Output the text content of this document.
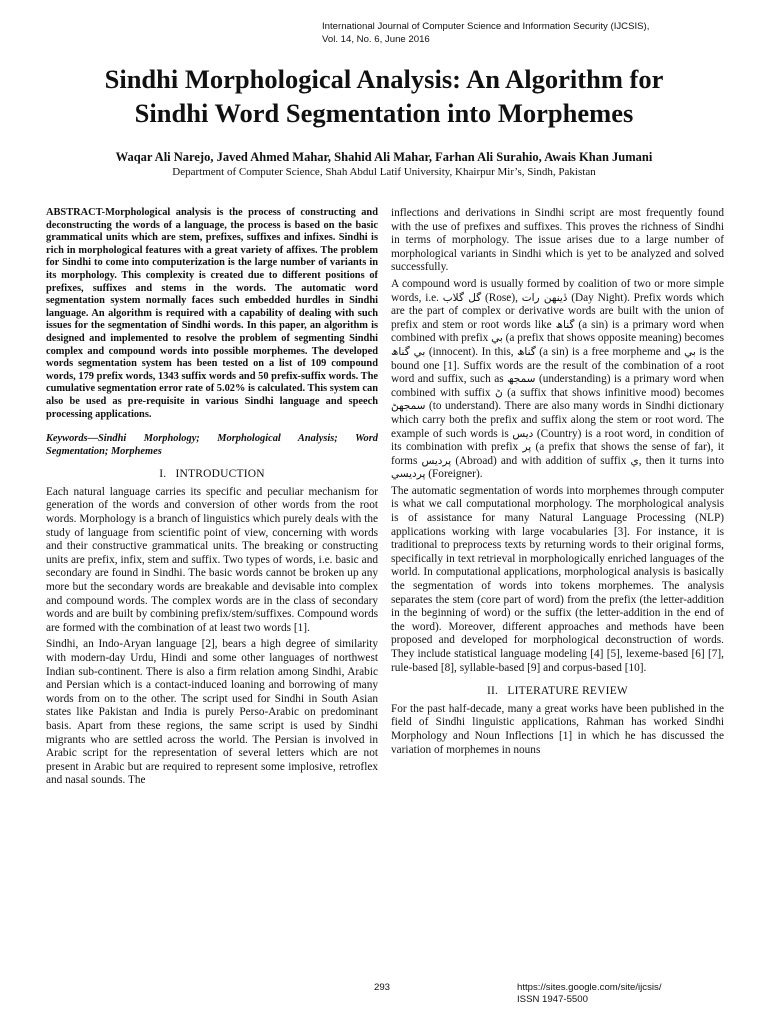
International Journal of Computer Science and Information Security (IJCSIS),
Vol. 14, No. 6, June 2016
Sindhi Morphological Analysis: An Algorithm for
Sindhi Word Segmentation into Morphemes
Waqar Ali Narejo, Javed Ahmed Mahar, Shahid Ali Mahar, Farhan Ali Surahio, Awais Khan Jumani
Department of Computer Science, Shah Abdul Latif University, Khairpur Mir’s, Sindh, Pakistan

ABSTRACT-Morphological analysis is the process of constructing and deconstructing the words of a language, the process is based on the basic grammatical units which are stem, prefixes, suffixes and infixes. Sindhi is rich in morphological features with a great variety of affixes. The problem for Sindhi to come into computerization is the large number of variants in its morphology. This complexity is created due to different positions of prefixes, suffixes and stems in the words. The automatic word segmentation system normally faces such embedded hurdles in Sindhi language. An algorithm is required with a capability of dealing with such issues for the segmentation of Sindhi words. In this paper, an algorithm is designed and implemented to resolve the problem of segmenting Sindhi complex and compound words into possible morphemes. The developed words segmentation system has been tested on a list of 109 compound words, 179 prefix words, 1343 suffix words and 50 prefix-suffix words. The cumulative segmentation error rate of 5.02% is calculated. This system can also be used as pre-requisite in various Sindhi language and speech processing applications.

Keywords—Sindhi Morphology; Morphological Analysis; Word Segmentation; Morphemes

I.   INTRODUCTION

Each natural language carries its specific and peculiar mechanism for generation of the words and conversion of other words from the root words. Morphology is a branch of linguistics which purely deals with the study of language from scientific point of view, concerning with words and their constructive grammatical units. The breaking or constructing units are prefix, infix, stem and suffix. Two types of words, i.e. basic and secondary are found in Sindhi. The basic words cannot be broken up any more but the secondary words are breakable and devisable into complex and compound words. The complex words are in the class of secondary words and are built by combining prefix/stem/suffixes. Compound words are formed with the combination of at least two words [1].

Sindhi, an Indo-Aryan language [2], bears a high degree of similarity with modern-day Urdu, Hindi and some other languages of northwest Indian sub-continent. There is also a firm relation among Sindhi, Arabic and Persian which is a contact-induced loaning and borrowing of many words from on to the other. The script used for Sindhi in South Asian states like Pakistan and India is purely Perso-Arabic on predominant basis. Apart from these regions, the same script is used by Sindhi migrants who are settled across the world. The Persian is involved in Arabic script for the representation of several letters which are not present in Arabic but are required to represent some implosive, retroflex and nasal sounds. The

inflections and derivations in Sindhi script are most frequently found with the use of prefixes and suffixes. This proves the richness of Sindhi in terms of morphology. The issue arises due to a large number of morphological variants in Sindhi which is yet to be analyzed and solved successfully.

A compound word is usually formed by coalition of two or more simple words, i.e. گل گلاب (Rose), ڏينهن رات (Day Night). Prefix words which are the part of complex or derivative words are built with the union of prefix and stem or root words like گناھ (a sin) is a primary word when combined with prefix بي (a prefix that shows opposite meaning) becomes بي گناھ (innocent). In this, گناھ (a sin) is a free morpheme and بي is the bound one [1]. Suffix words are the result of the combination of a root word and suffix, such as سمجھ (understanding) is a primary word when combined with suffix ڻ (a suffix that shows infinitive mood) becomes سمجھڻ (to understand). There are also many words in Sindhi dictionary which carry both the prefix and suffix along the stem or root word. The example of such words is ديس (Country) is a root word, in condition of its combination with prefix پر (a prefix that shows the sense of far), it forms پرديس (Abroad) and with addition of suffix ي, then it turns into پرديسي (Foreigner).

The automatic segmentation of words into morphemes through computer is what we call computational morphology. The morphological analysis is of assistance for many Natural Language Processing (NLP) applications working with large vocabularies [3]. For instance, it is traditional to preprocess texts by returning words to their original forms, specifically in text retrieval in morphologically enriched languages of the world. In computational applications, morphological analysis is basically the segmentation of words into tokens morphemes. The analysis separates the stem (core part of word) from the prefix (the letter-addition in the beginning of word) or the suffix (the letter-addition in the end of the word). Moreover, different approaches and methods have been proposed and developed for morphological deconstruction of words. They include statistical language modeling [4] [5], lexeme-based [6] [7], rule-based [8], syllable-based [9] and corpus-based [10].

II.   LITERATURE REVIEW

For the past half-decade, many a great works have been published in the field of Sindhi linguistic applications, Rahman has worked Sindhi Morphology and Noun Inflections [1] in which he has discussed the variation of morphemes in nouns

293	https://sites.google.com/site/ijcsis/
ISSN 1947-5500
